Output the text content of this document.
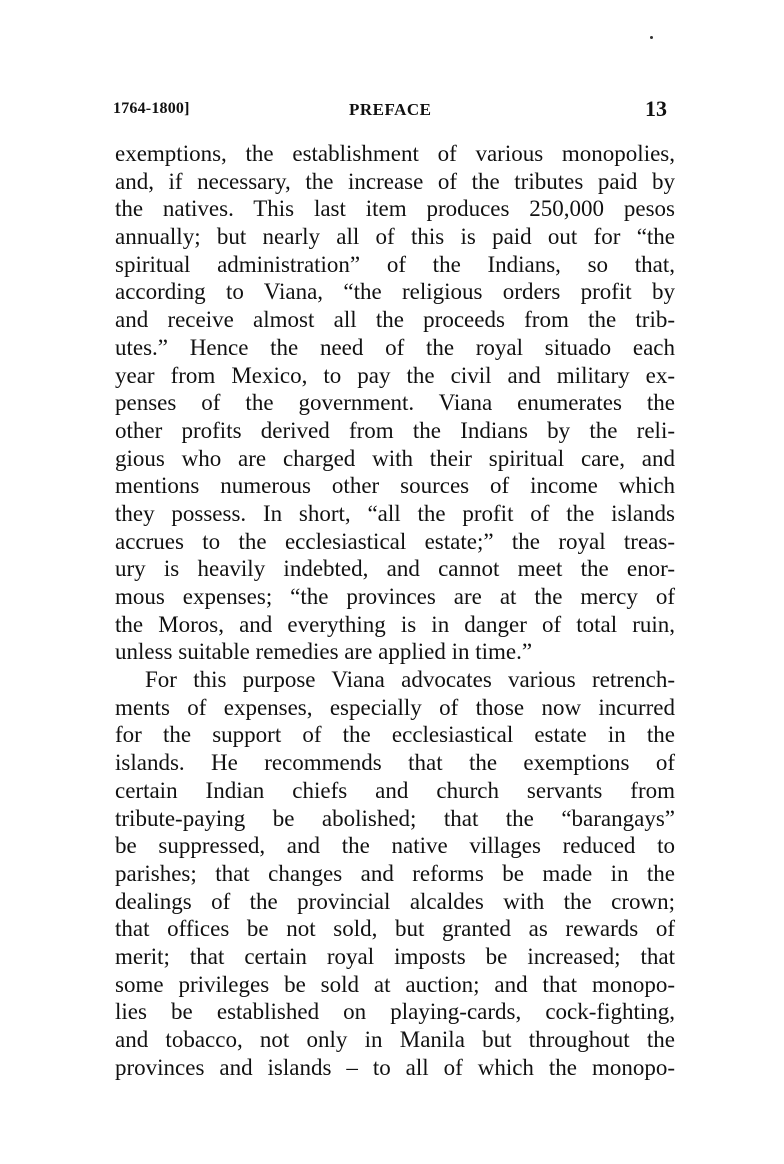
1764-1800]	PREFACE	13
exemptions, the establishment of various monopolies,
and, if necessary, the increase of the tributes paid by
the natives. This last item produces 250,000 pesos
annually; but nearly all of this is paid out for “the
spiritual administration” of the Indians, so that,
according to Viana, “the religious orders profit by
and receive almost all the proceeds from the trib-
utes.” Hence the need of the royal situado each
year from Mexico, to pay the civil and military ex-
penses of the government. Viana enumerates the
other profits derived from the Indians by the reli-
gious who are charged with their spiritual care, and
mentions numerous other sources of income which
they possess. In short, “all the profit of the islands
accrues to the ecclesiastical estate;” the royal treas-
ury is heavily indebted, and cannot meet the enor-
mous expenses; “the provinces are at the mercy of
the Moros, and everything is in danger of total ruin,
unless suitable remedies are applied in time.”
For this purpose Viana advocates various retrench-
ments of expenses, especially of those now incurred
for the support of the ecclesiastical estate in the
islands. He recommends that the exemptions of
certain Indian chiefs and church servants from
tribute-paying be abolished; that the “barangays”
be suppressed, and the native villages reduced to
parishes; that changes and reforms be made in the
dealings of the provincial alcaldes with the crown;
that offices be not sold, but granted as rewards of
merit; that certain royal imposts be increased; that
some privileges be sold at auction; and that monopo-
lies be established on playing-cards, cock-fighting,
and tobacco, not only in Manila but throughout the
provinces and islands – to all of which the monopo-
